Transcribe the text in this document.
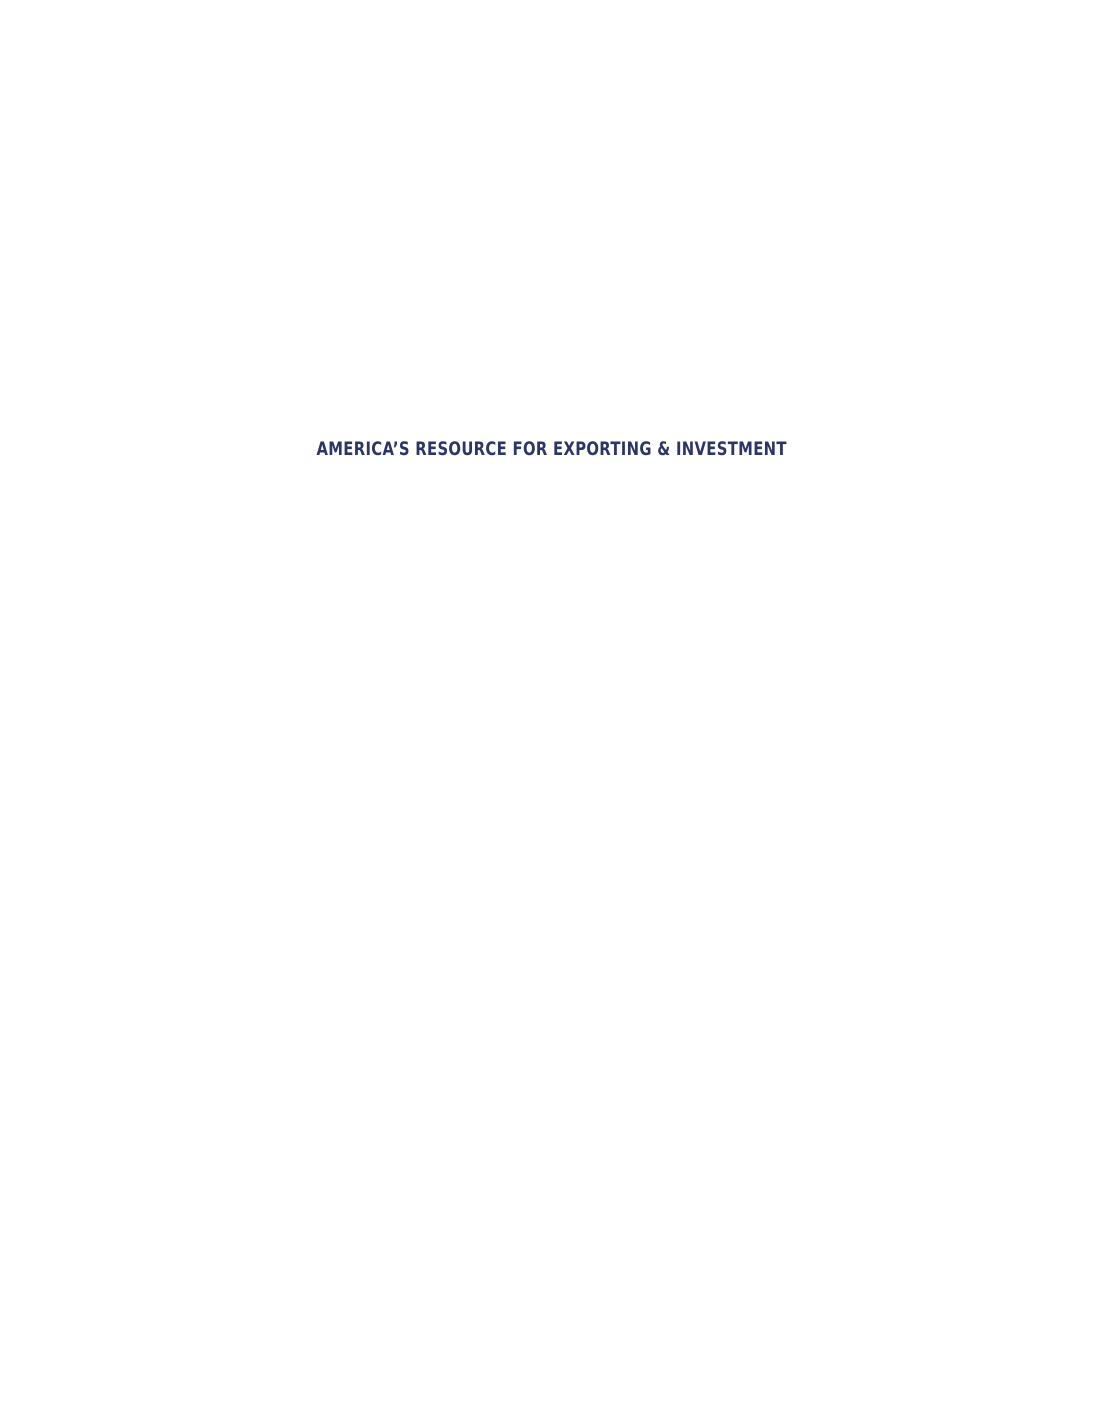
AMERICA’S RESOURCE FOR EXPORTING & INVESTMENT
